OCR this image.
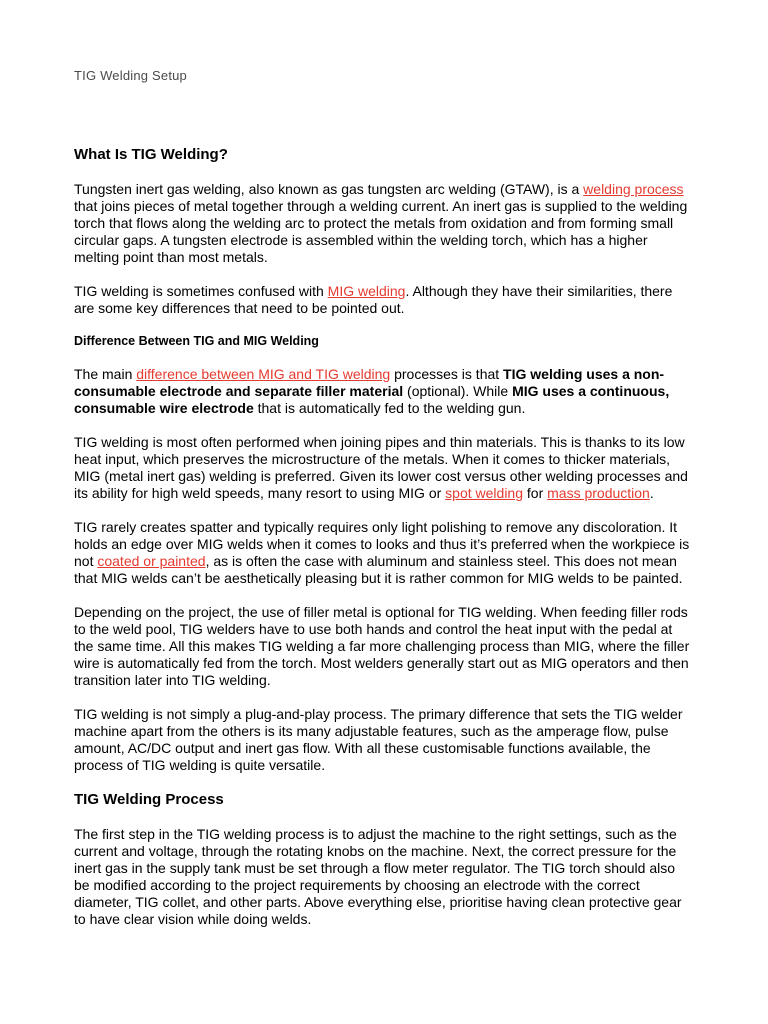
TIG Welding Setup
What Is TIG Welding?

Tungsten inert gas welding, also known as gas tungsten arc welding (GTAW), is a welding process that joins pieces of metal together through a welding current. An inert gas is supplied to the welding torch that flows along the welding arc to protect the metals from oxidation and from forming small circular gaps. A tungsten electrode is assembled within the welding torch, which has a higher melting point than most metals.

TIG welding is sometimes confused with MIG welding. Although they have their similarities, there are some key differences that need to be pointed out.

Difference Between TIG and MIG Welding

The main difference between MIG and TIG welding processes is that TIG welding uses a non-consumable electrode and separate filler material (optional). While MIG uses a continuous, consumable wire electrode that is automatically fed to the welding gun.

TIG welding is most often performed when joining pipes and thin materials. This is thanks to its low heat input, which preserves the microstructure of the metals. When it comes to thicker materials, MIG (metal inert gas) welding is preferred. Given its lower cost versus other welding processes and its ability for high weld speeds, many resort to using MIG or spot welding for mass production.

TIG rarely creates spatter and typically requires only light polishing to remove any discoloration. It holds an edge over MIG welds when it comes to looks and thus it’s preferred when the workpiece is not coated or painted, as is often the case with aluminum and stainless steel. This does not mean that MIG welds can’t be aesthetically pleasing but it is rather common for MIG welds to be painted.

Depending on the project, the use of filler metal is optional for TIG welding. When feeding filler rods to the weld pool, TIG welders have to use both hands and control the heat input with the pedal at the same time. All this makes TIG welding a far more challenging process than MIG, where the filler wire is automatically fed from the torch. Most welders generally start out as MIG operators and then transition later into TIG welding.

TIG welding is not simply a plug-and-play process. The primary difference that sets the TIG welder machine apart from the others is its many adjustable features, such as the amperage flow, pulse amount, AC/DC output and inert gas flow. With all these customisable functions available, the process of TIG welding is quite versatile.

TIG Welding Process

The first step in the TIG welding process is to adjust the machine to the right settings, such as the current and voltage, through the rotating knobs on the machine. Next, the correct pressure for the inert gas in the supply tank must be set through a flow meter regulator. The TIG torch should also be modified according to the project requirements by choosing an electrode with the correct diameter, TIG collet, and other parts. Above everything else, prioritise having clean protective gear to have clear vision while doing welds.
